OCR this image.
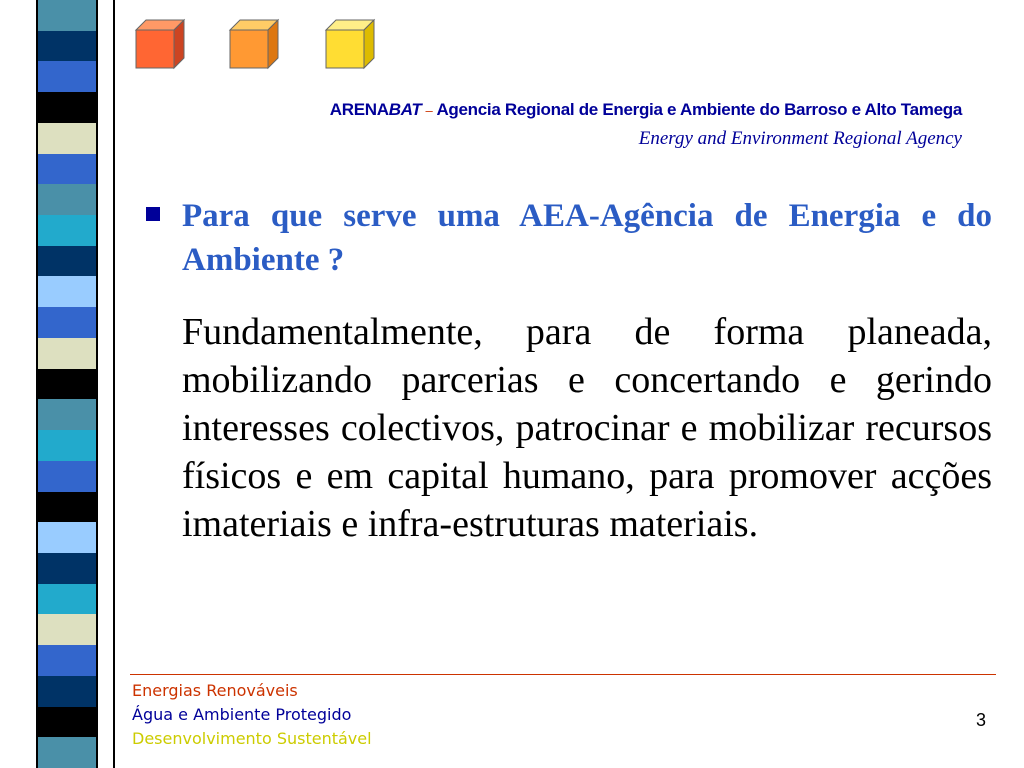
ARENABAT – Agencia Regional de Energia e Ambiente do Barroso e Alto Tamega
Energy and Environment Regional Agency
Para que serve uma AEA-Agência de Energia e do Ambiente ?
Fundamentalmente, para de forma planeada, mobilizando parcerias e concertando e gerindo interesses colectivos, patrocinar e mobilizar recursos físicos e em capital humano, para promover acções imateriais e infra-estruturas materiais.
Energias Renováveis
Água e Ambiente Protegido
Desenvolvimento Sustentável
3
